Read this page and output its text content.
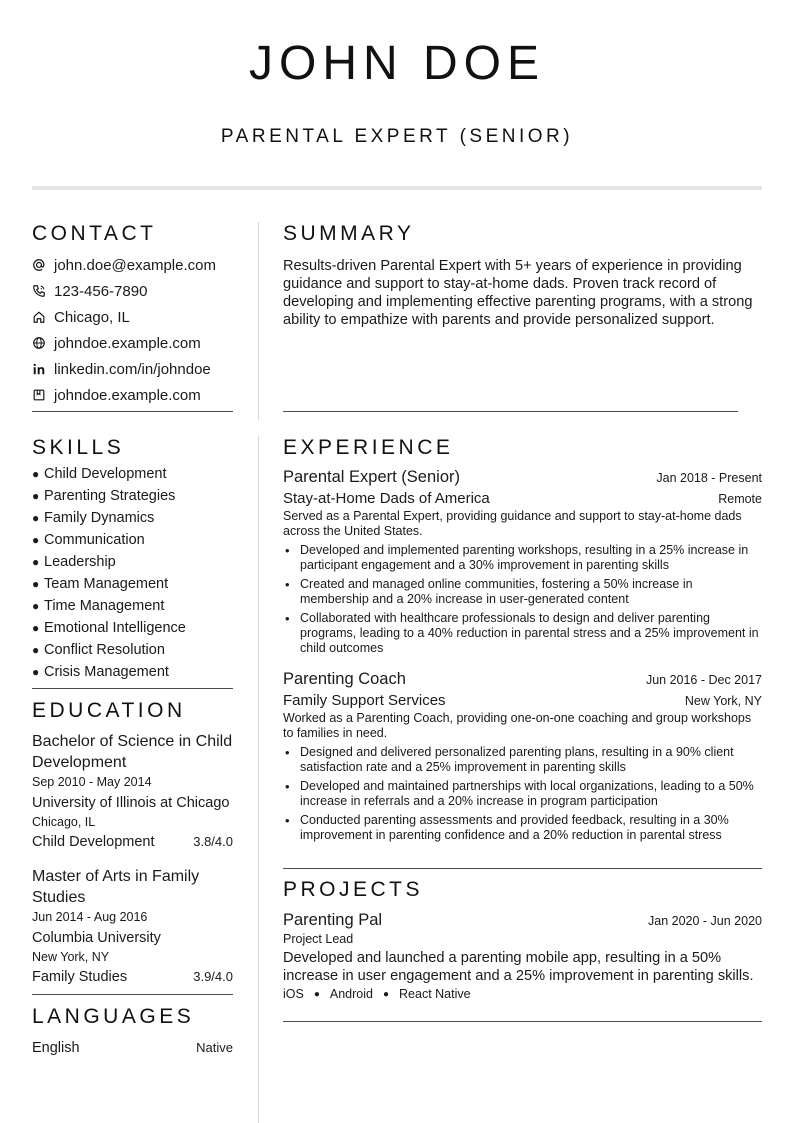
JOHN DOE
PARENTAL EXPERT (SENIOR)
CONTACT
john.doe@example.com
123-456-7890
Chicago, IL
johndoe.example.com
linkedin.com/in/johndoe
johndoe.example.com
SKILLS
● Child Development
● Parenting Strategies
● Family Dynamics
● Communication
● Leadership
● Team Management
● Time Management
● Emotional Intelligence
● Conflict Resolution
● Crisis Management
EDUCATION
Bachelor of Science in Child Development
Sep 2010 - May 2014
University of Illinois at Chicago
Chicago, IL
Child Development	3.8/4.0
Master of Arts in Family Studies
Jun 2014 - Aug 2016
Columbia University
New York, NY
Family Studies	3.9/4.0
LANGUAGES
English	Native
SUMMARY
Results-driven Parental Expert with 5+ years of experience in providing guidance and support to stay-at-home dads. Proven track record of developing and implementing effective parenting programs, with a strong ability to empathize with parents and provide personalized support.
EXPERIENCE
Parental Expert (Senior)	Jan 2018 - Present
Stay-at-Home Dads of America	Remote
Served as a Parental Expert, providing guidance and support to stay-at-home dads across the United States.
• Developed and implemented parenting workshops, resulting in a 25% increase in participant engagement and a 30% improvement in parenting skills
• Created and managed online communities, fostering a 50% increase in membership and a 20% increase in user-generated content
• Collaborated with healthcare professionals to design and deliver parenting programs, leading to a 40% reduction in parental stress and a 25% improvement in child outcomes
Parenting Coach	Jun 2016 - Dec 2017
Family Support Services	New York, NY
Worked as a Parenting Coach, providing one-on-one coaching and group workshops to families in need.
• Designed and delivered personalized parenting plans, resulting in a 90% client satisfaction rate and a 25% improvement in parenting skills
• Developed and maintained partnerships with local organizations, leading to a 50% increase in referrals and a 20% increase in program participation
• Conducted parenting assessments and provided feedback, resulting in a 30% improvement in parenting confidence and a 20% reduction in parental stress
PROJECTS
Parenting Pal	Jan 2020 - Jun 2020
Project Lead
Developed and launched a parenting mobile app, resulting in a 50% increase in user engagement and a 25% improvement in parenting skills.
iOS ● Android ● React Native
